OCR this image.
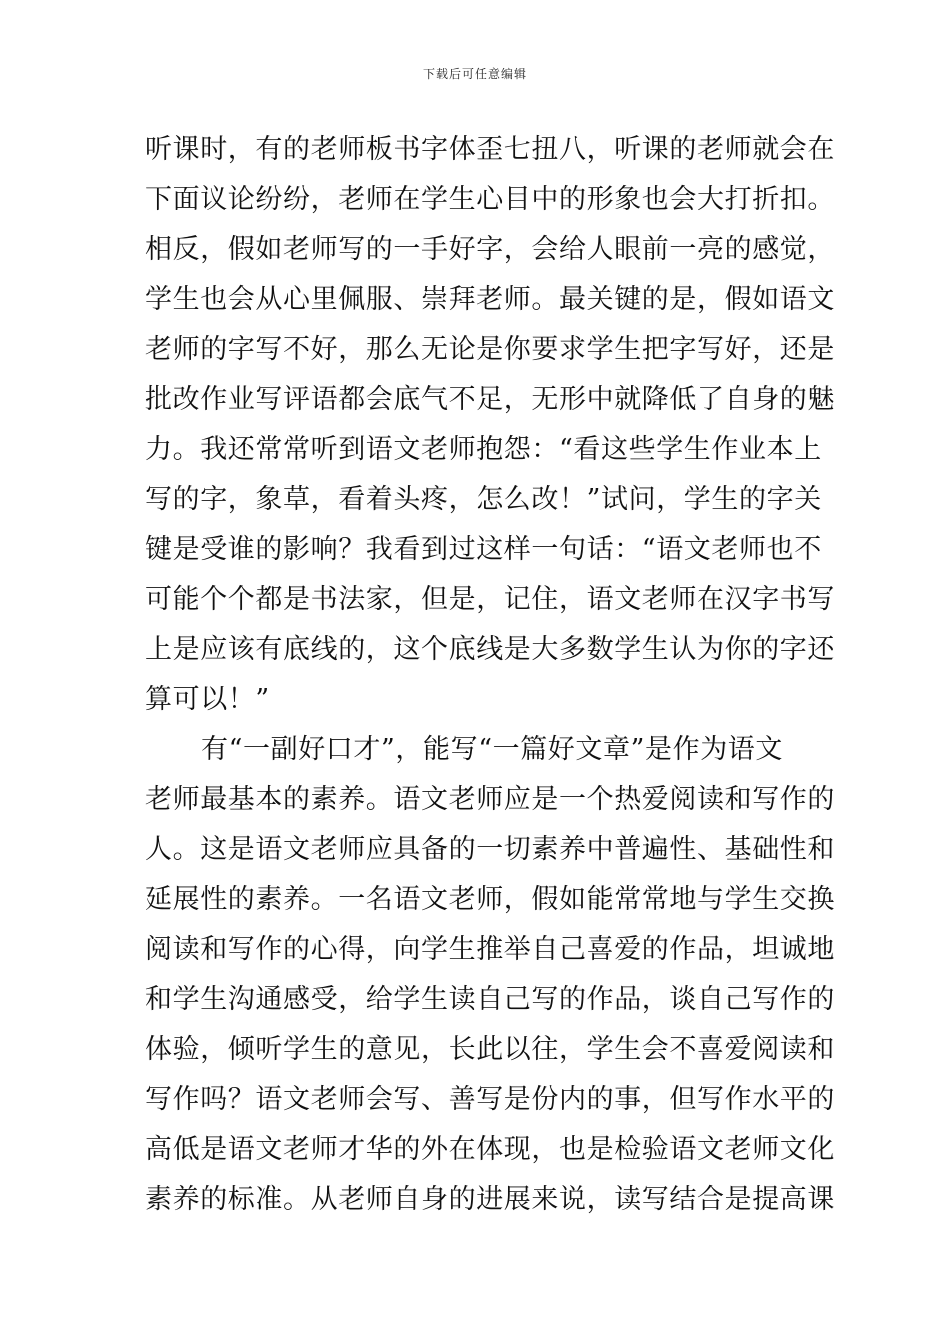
下载后可任意编辑
听课时，有的老师板书字体歪七扭八，听课的老师就会在
下面议论纷纷，老师在学生心目中的形象也会大打折扣。
相反，假如老师写的一手好字，会给人眼前一亮的感觉，
学生也会从心里佩服、崇拜老师。最关键的是，假如语文
老师的字写不好，那么无论是你要求学生把字写好，还是
批改作业写评语都会底气不足，无形中就降低了自身的魅
力。我还常常听到语文老师抱怨：“看这些学生作业本上
写的字，象草，看着头疼，怎么改！”试问，学生的字关
键是受谁的影响？我看到过这样一句话：“语文老师也不
可能个个都是书法家，但是，记住，语文老师在汉字书写
上是应该有底线的，这个底线是大多数学生认为你的字还
算可以！”
有“一副好口才”，能写“一篇好文章”是作为语文
老师最基本的素养。语文老师应是一个热爱阅读和写作的
人。这是语文老师应具备的一切素养中普遍性、基础性和
延展性的素养。一名语文老师，假如能常常地与学生交换
阅读和写作的心得，向学生推举自己喜爱的作品，坦诚地
和学生沟通感受，给学生读自己写的作品，谈自己写作的
体验，倾听学生的意见，长此以往，学生会不喜爱阅读和
写作吗？语文老师会写、善写是份内的事，但写作水平的
高低是语文老师才华的外在体现，也是检验语文老师文化
素养的标准。从老师自身的进展来说，读写结合是提高课
